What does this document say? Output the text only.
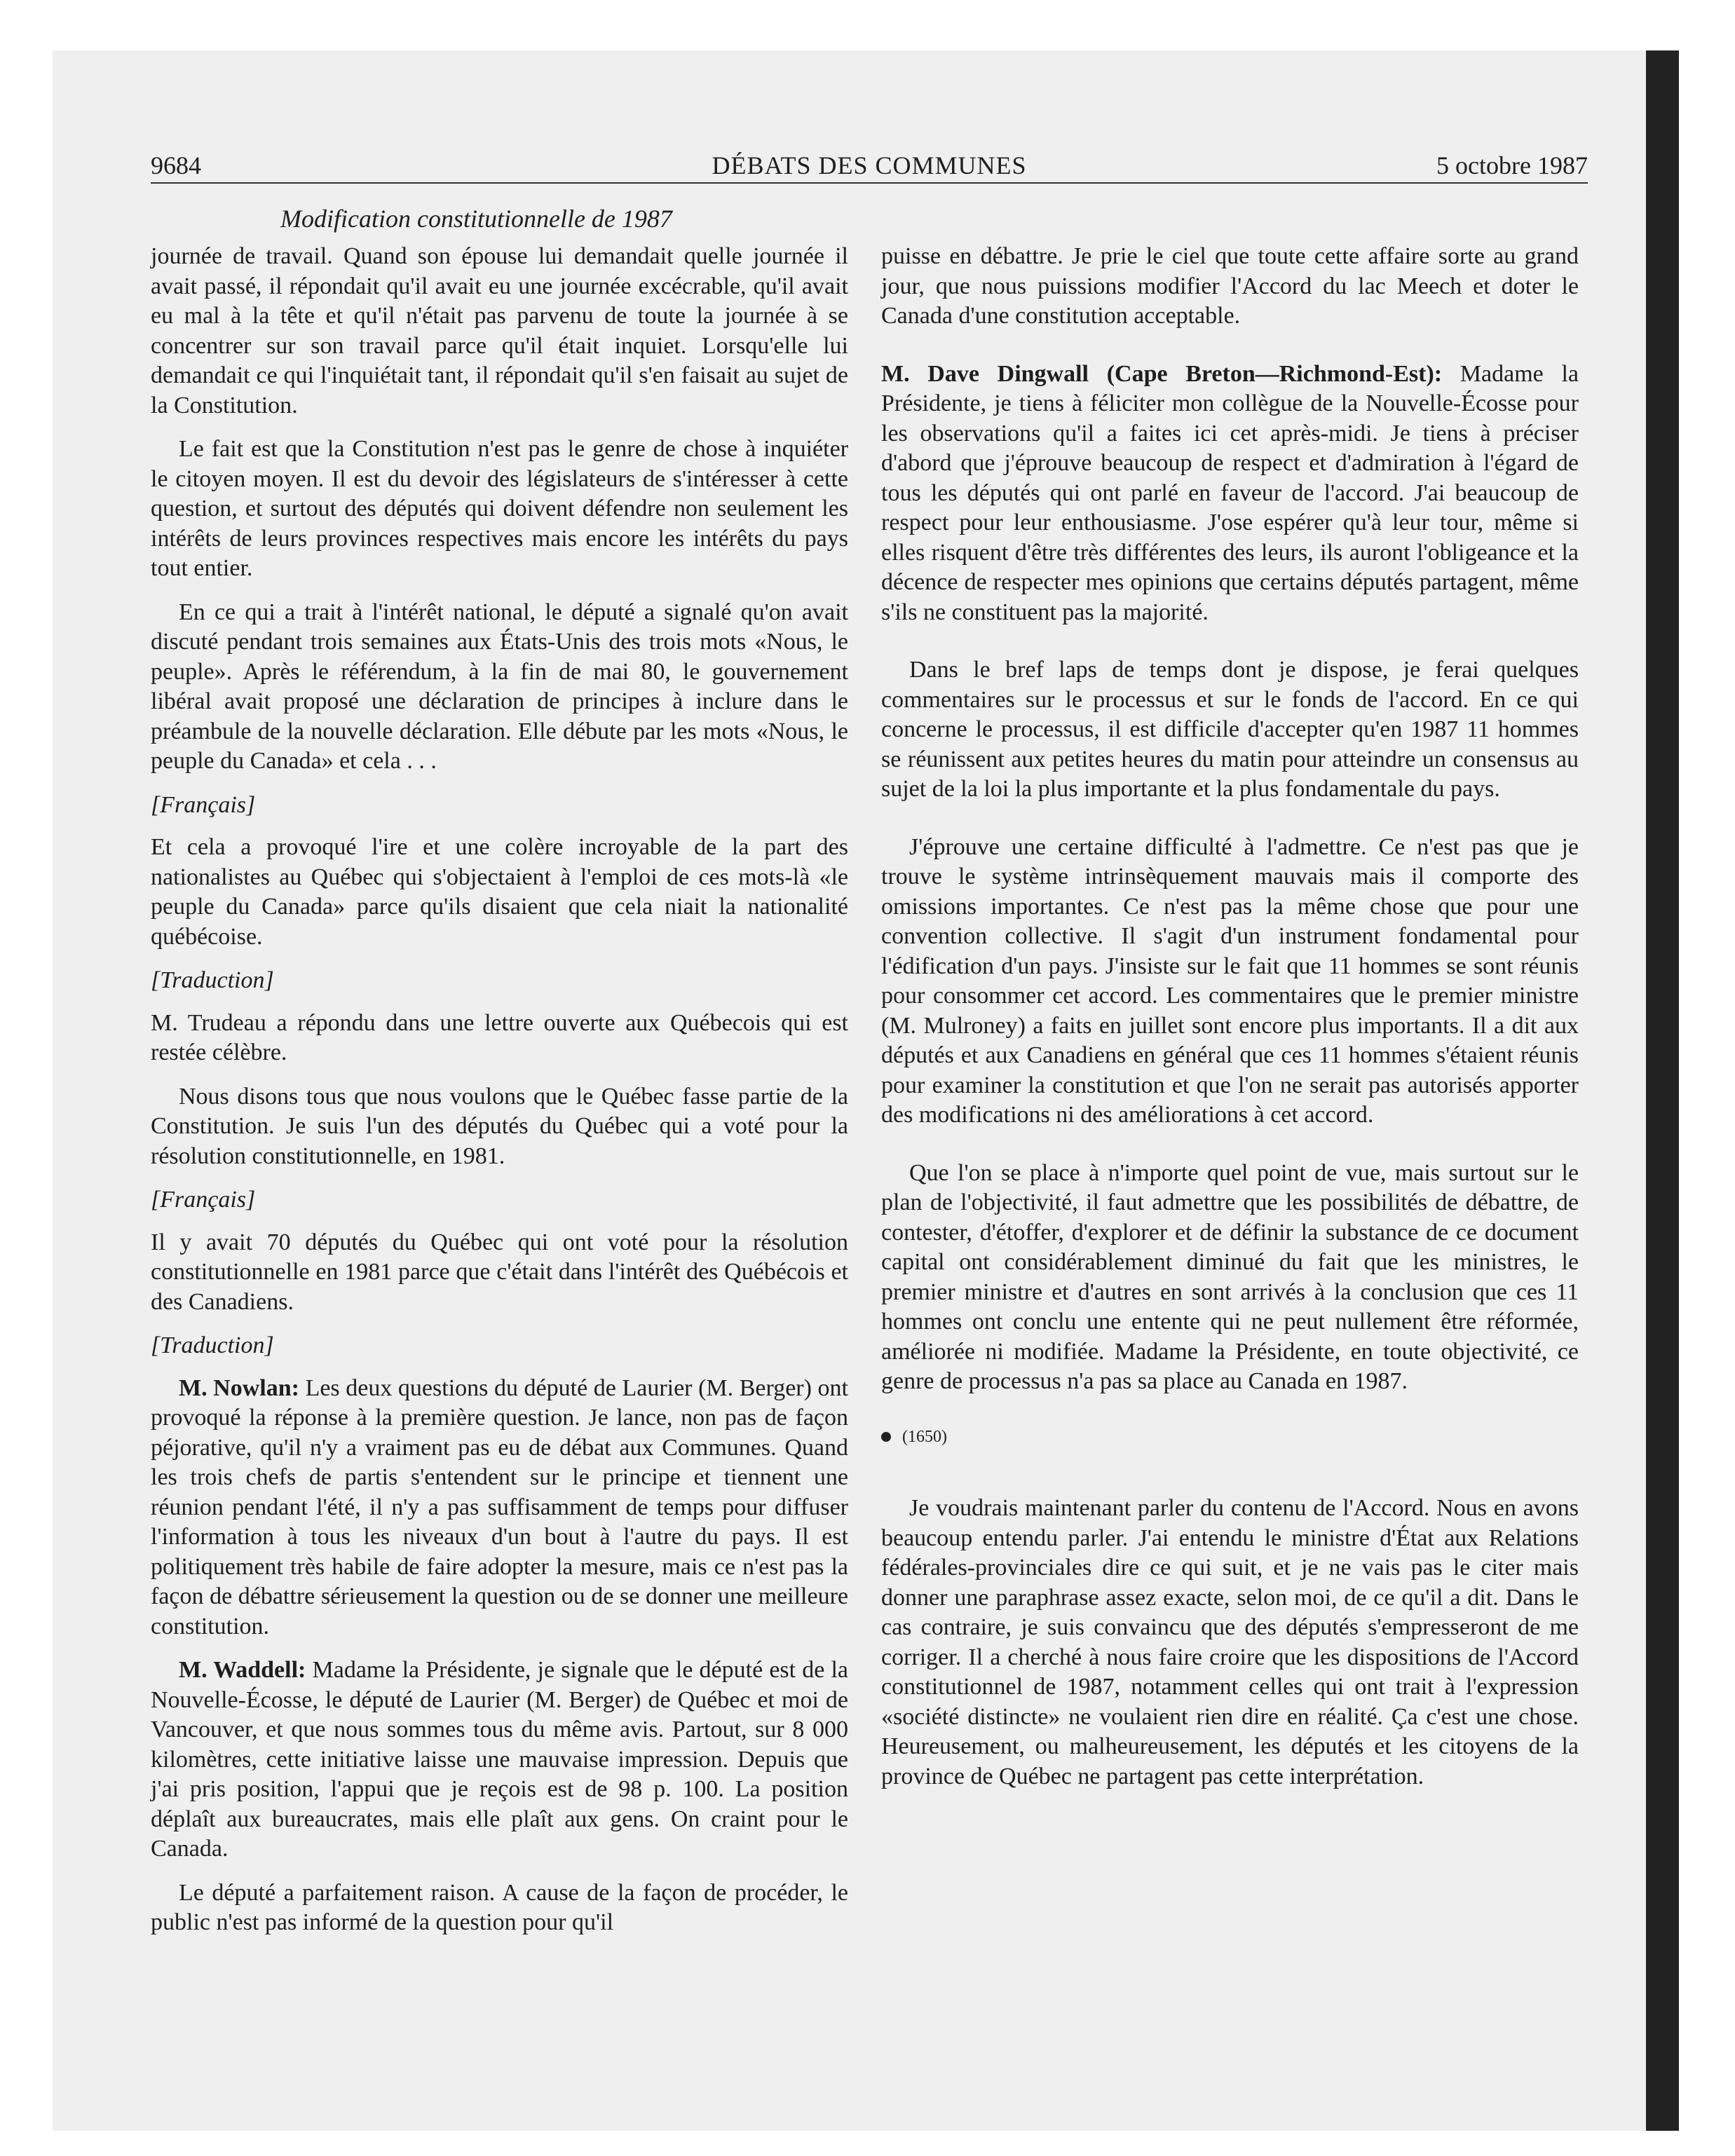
9684	DÉBATS DES COMMUNES	5 octobre 1987
Modification constitutionnelle de 1987

journée de travail. Quand son épouse lui demandait quelle journée il avait passé, il répondait qu'il avait eu une journée excécrable, qu'il avait eu mal à la tête et qu'il n'était pas parvenu de toute la journée à se concentrer sur son travail parce qu'il était inquiet. Lorsqu'elle lui demandait ce qui l'inquiétait tant, il répondait qu'il s'en faisait au sujet de la Constitution.

Le fait est que la Constitution n'est pas le genre de chose à inquiéter le citoyen moyen. Il est du devoir des législateurs de s'intéresser à cette question, et surtout des députés qui doivent défendre non seulement les intérêts de leurs provinces respectives mais encore les intérêts du pays tout entier.

En ce qui a trait à l'intérêt national, le député a signalé qu'on avait discuté pendant trois semaines aux États-Unis des trois mots «Nous, le peuple». Après le référendum, à la fin de mai 80, le gouvernement libéral avait proposé une déclaration de principes à inclure dans le préambule de la nouvelle déclaration. Elle débute par les mots «Nous, le peuple du Canada» et cela . . .

[Français]

Et cela a provoqué l'ire et une colère incroyable de la part des nationalistes au Québec qui s'objectaient à l'emploi de ces mots-là «le peuple du Canada» parce qu'ils disaient que cela niait la nationalité québécoise.

[Traduction]

M. Trudeau a répondu dans une lettre ouverte aux Québecois qui est restée célèbre.

Nous disons tous que nous voulons que le Québec fasse partie de la Constitution. Je suis l'un des députés du Québec qui a voté pour la résolution constitutionnelle, en 1981.

[Français]

Il y avait 70 députés du Québec qui ont voté pour la résolution constitutionnelle en 1981 parce que c'était dans l'intérêt des Québécois et des Canadiens.

[Traduction]

M. Nowlan: Les deux questions du député de Laurier (M. Berger) ont provoqué la réponse à la première question. Je lance, non pas de façon péjorative, qu'il n'y a vraiment pas eu de débat aux Communes. Quand les trois chefs de partis s'entendent sur le principe et tiennent une réunion pendant l'été, il n'y a pas suffisamment de temps pour diffuser l'information à tous les niveaux d'un bout à l'autre du pays. Il est politiquement très habile de faire adopter la mesure, mais ce n'est pas la façon de débattre sérieusement la question ou de se donner une meilleure constitution.

M. Waddell: Madame la Présidente, je signale que le député est de la Nouvelle-Écosse, le député de Laurier (M. Berger) de Québec et moi de Vancouver, et que nous sommes tous du même avis. Partout, sur 8 000 kilomètres, cette initiative laisse une mauvaise impression. Depuis que j'ai pris position, l'appui que je reçois est de 98 p. 100. La position déplaît aux bureaucrates, mais elle plaît aux gens. On craint pour le Canada.

Le député a parfaitement raison. A cause de la façon de procéder, le public n'est pas informé de la question pour qu'il

puisse en débattre. Je prie le ciel que toute cette affaire sorte au grand jour, que nous puissions modifier l'Accord du lac Meech et doter le Canada d'une constitution acceptable.

M. Dave Dingwall (Cape Breton—Richmond-Est): Madame la Présidente, je tiens à féliciter mon collègue de la Nouvelle-Écosse pour les observations qu'il a faites ici cet après-midi. Je tiens à préciser d'abord que j'éprouve beaucoup de respect et d'admiration à l'égard de tous les députés qui ont parlé en faveur de l'accord. J'ai beaucoup de respect pour leur enthousiasme. J'ose espérer qu'à leur tour, même si elles risquent d'être très différentes des leurs, ils auront l'obligeance et la décence de respecter mes opinions que certains députés partagent, même s'ils ne constituent pas la majorité.

Dans le bref laps de temps dont je dispose, je ferai quelques commentaires sur le processus et sur le fonds de l'accord. En ce qui concerne le processus, il est difficile d'accepter qu'en 1987 11 hommes se réunissent aux petites heures du matin pour atteindre un consensus au sujet de la loi la plus importante et la plus fondamentale du pays.

J'éprouve une certaine difficulté à l'admettre. Ce n'est pas que je trouve le système intrinsèquement mauvais mais il comporte des omissions importantes. Ce n'est pas la même chose que pour une convention collective. Il s'agit d'un instrument fondamental pour l'édification d'un pays. J'insiste sur le fait que 11 hommes se sont réunis pour consommer cet accord. Les commentaires que le premier ministre (M. Mulroney) a faits en juillet sont encore plus importants. Il a dit aux députés et aux Canadiens en général que ces 11 hommes s'étaient réunis pour examiner la constitution et que l'on ne serait pas autorisés apporter des modifications ni des améliorations à cet accord.

Que l'on se place à n'importe quel point de vue, mais surtout sur le plan de l'objectivité, il faut admettre que les possibilités de débattre, de contester, d'étoffer, d'explorer et de définir la substance de ce document capital ont considérablement diminué du fait que les ministres, le premier ministre et d'autres en sont arrivés à la conclusion que ces 11 hommes ont conclu une entente qui ne peut nullement être réformée, améliorée ni modifiée. Madame la Présidente, en toute objectivité, ce genre de processus n'a pas sa place au Canada en 1987.

(1650)

Je voudrais maintenant parler du contenu de l'Accord. Nous en avons beaucoup entendu parler. J'ai entendu le ministre d'État aux Relations fédérales-provinciales dire ce qui suit, et je ne vais pas le citer mais donner une paraphrase assez exacte, selon moi, de ce qu'il a dit. Dans le cas contraire, je suis convaincu que des députés s'empresseront de me corriger. Il a cherché à nous faire croire que les dispositions de l'Accord constitutionnel de 1987, notamment celles qui ont trait à l'expression «société distincte» ne voulaient rien dire en réalité. Ça c'est une chose. Heureusement, ou malheureusement, les députés et les citoyens de la province de Québec ne partagent pas cette interprétation.
